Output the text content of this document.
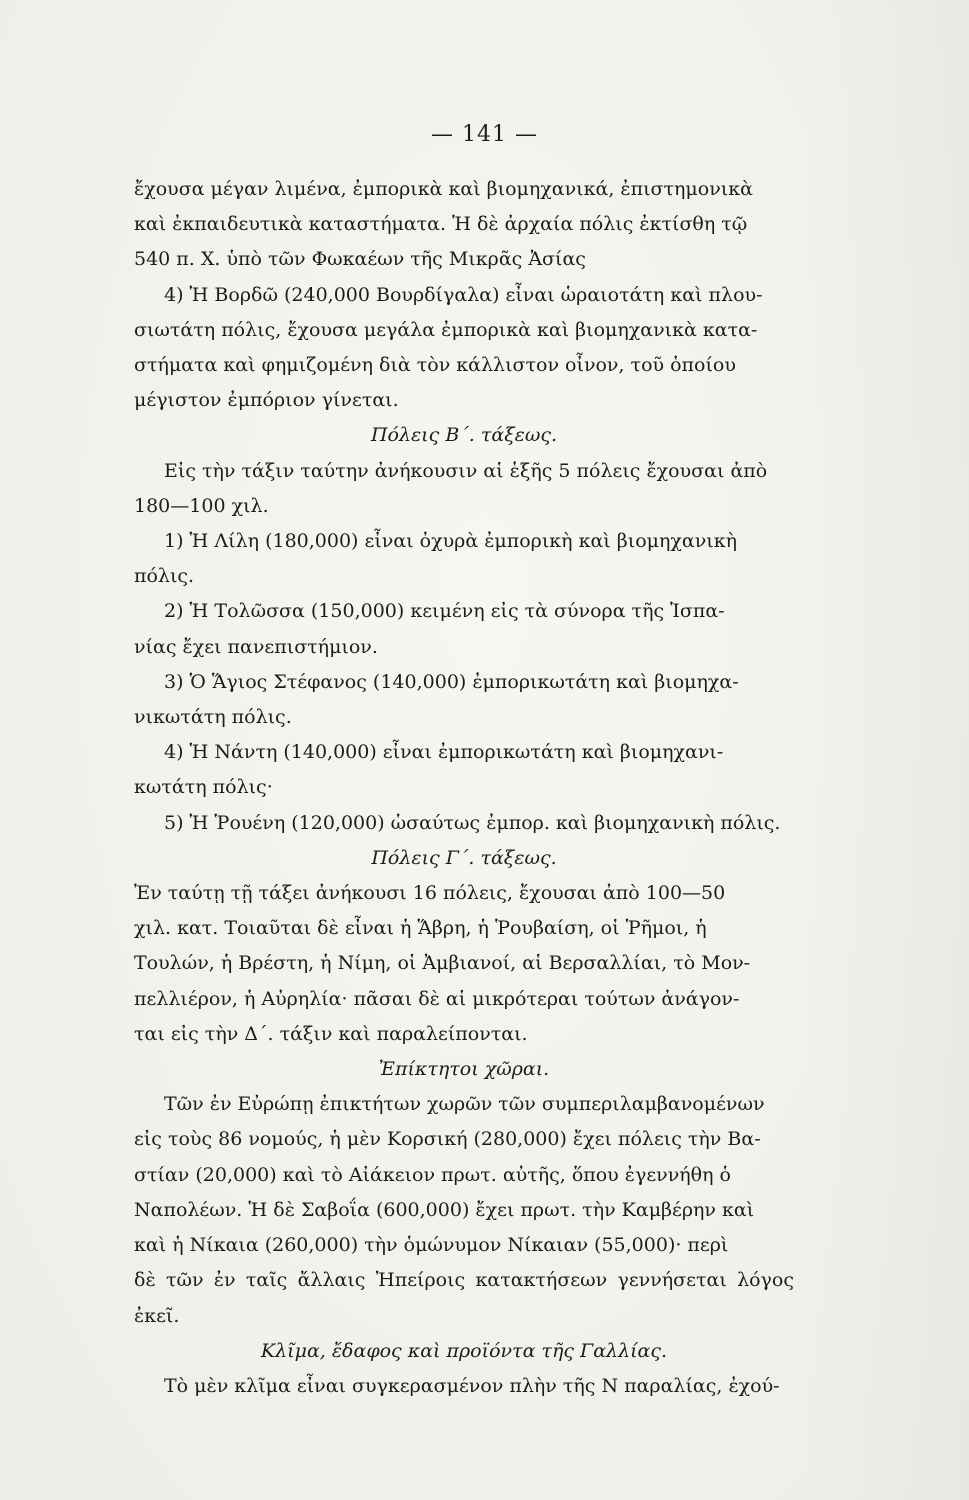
— 141 —

ἔχουσα μέγαν λιμένα, ἐμπορικὰ καὶ βιομηχανικά, ἐπιστημονικὰ

καὶ ἐκπαιδευτικὰ καταστήματα. Ἡ δὲ ἀρχαία πόλις ἐκτίσθη τῷ

540 π. Χ. ὑπὸ τῶν Φωκαέων τῆς Μικρᾶς Ἀσίας

4) Ἡ Βορδῶ (240,000 Βουρδίγαλα) εἶναι ὡραιοτάτη καὶ πλου-

σιωτάτη πόλις, ἔχουσα μεγάλα ἐμπορικὰ καὶ βιομηχανικὰ κατα-

στήματα καὶ φημιζομένη διὰ τὸν κάλλιστον οἶνον, τοῦ ὁποίου

μέγιστον ἐμπόριον γίνεται.

Πόλεις Β΄. τάξεως.

Εἰς τὴν τάξιν ταύτην ἀνήκουσιν αἱ ἑξῆς 5 πόλεις ἔχουσαι ἀπὸ

180—100 χιλ.

1) Ἡ Λίλη (180,000) εἶναι ὀχυρὰ ἐμπορικὴ καὶ βιομηχανικὴ

πόλις.

2) Ἡ Τολῶσσα (150,000) κειμένη εἰς τὰ σύνορα τῆς Ἱσπα-

νίας ἔχει πανεπιστήμιον.

3) Ὁ Ἅγιος Στέφανος (140,000) ἐμπορικωτάτη καὶ βιομηχα-

νικωτάτη πόλις.

4) Ἡ Νάντη (140,000) εἶναι ἐμπορικωτάτη καὶ βιομηχανι-

κωτάτη πόλις·

5) Ἡ Ῥουένη (120,000) ὡσαύτως ἐμπορ. καὶ βιομηχανικὴ πόλις.

Πόλεις Γ΄. τάξεως.

Ἐν ταύτῃ τῇ τάξει ἀνήκουσι 16 πόλεις, ἔχουσαι ἀπὸ 100—50

χιλ. κατ. Τοιαῦται δὲ εἶναι ἡ Ἅβρη, ἡ Ῥουβαίση, οἱ Ῥῆμοι, ἡ

Τουλών, ἡ Βρέστη, ἡ Νίμη, οἱ Ἀμβιανοί, αἱ Βερσαλλίαι, τὸ Μον-

πελλιέρον, ἡ Αὐρηλία· πᾶσαι δὲ αἱ μικρότεραι τούτων ἀνάγον-

ται εἰς τὴν Δ΄. τάξιν καὶ παραλείπονται.

Ἐπίκτητοι χῶραι.

Τῶν ἐν Εὐρώπῃ ἐπικτήτων χωρῶν τῶν συμπεριλαμβανομένων

εἰς τοὺς 86 νομούς, ἡ μὲν Κορσική (280,000) ἔχει πόλεις τὴν Βα-

στίαν (20,000) καὶ τὸ Αἰάκειον πρωτ. αὐτῆς, ὅπου ἐγεννήθη ὁ

Ναπολέων. Ἡ δὲ Σαβοΐα (600,000) ἔχει πρωτ. τὴν Καμβέρην καὶ

καὶ ἡ Νίκαια (260,000) τὴν ὁμώνυμον Νίκαιαν (55,000)· περὶ

δὲ τῶν ἐν ταῖς ἄλλαις Ἠπείροις κατακτήσεων γεννήσεται λόγος ἐκεῖ.

Κλῖμα, ἔδαφος καὶ προϊόντα τῆς Γαλλίας.

Τὸ μὲν κλῖμα εἶναι συγκερασμένον πλὴν τῆς Ν παραλίας, ἐχού-
